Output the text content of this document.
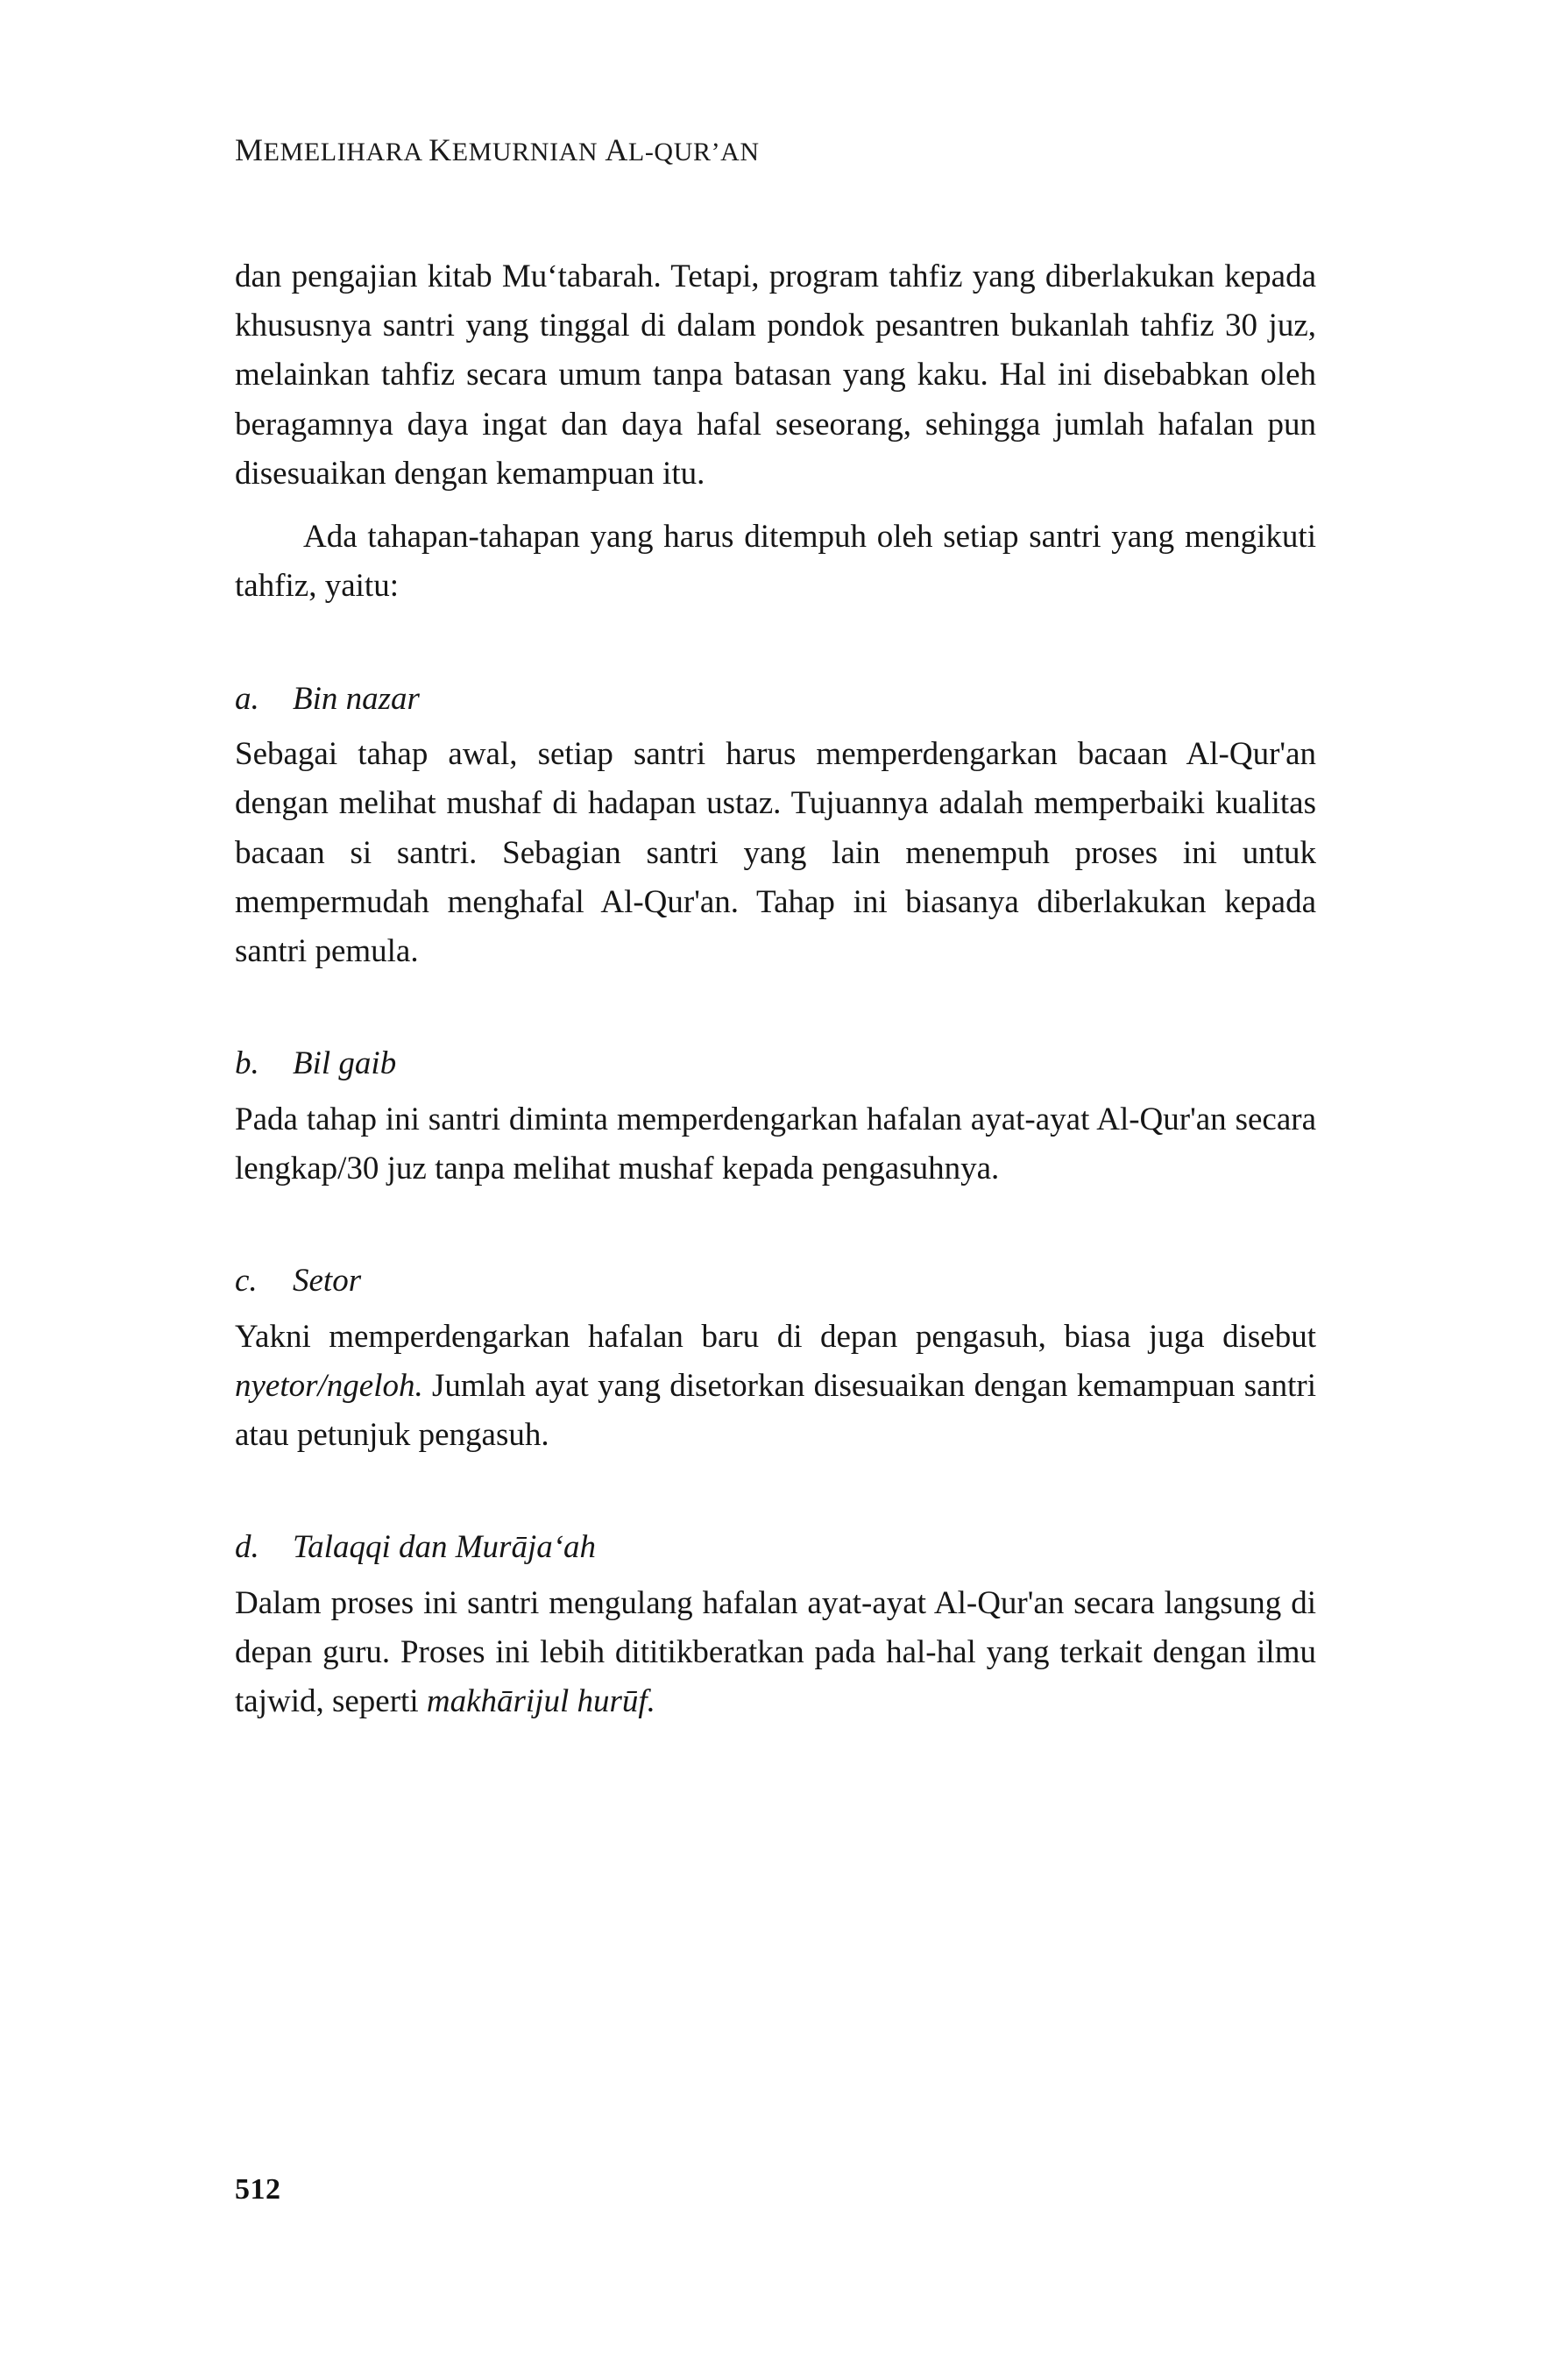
MEMELIHARA KEMURNIAN AL-QUR’AN

dan pengajian kitab Mu‘tabarah. Tetapi, program tahfiz yang diberlakukan kepada khususnya santri yang tinggal di dalam pondok pesantren bukanlah tahfiz 30 juz, melainkan tahfiz secara umum tanpa batasan yang kaku. Hal ini disebabkan oleh beragamnya daya ingat dan daya hafal seseorang, sehingga jumlah hafalan pun disesuaikan dengan kemampuan itu.

Ada tahapan-tahapan yang harus ditempuh oleh setiap santri yang mengikuti tahfiz, yaitu:

a. Bin nazar

Sebagai tahap awal, setiap santri harus memperdengarkan bacaan Al-Qur'an dengan melihat mushaf di hadapan ustaz. Tujuannya adalah memperbaiki kualitas bacaan si santri. Sebagian santri yang lain menempuh proses ini untuk mempermudah menghafal Al-Qur'an. Tahap ini biasanya diberlakukan kepada santri pemula.

b. Bil gaib

Pada tahap ini santri diminta memperdengarkan hafalan ayat-ayat Al-Qur'an secara lengkap/30 juz tanpa melihat mushaf kepada pengasuhnya.

c. Setor

Yakni memperdengarkan hafalan baru di depan pengasuh, biasa juga disebut nyetor/ngeloh. Jumlah ayat yang disetorkan disesuaikan dengan kemampuan santri atau petunjuk pengasuh.

d. Talaqqi dan Murāja‘ah

Dalam proses ini santri mengulang hafalan ayat-ayat Al-Qur'an secara langsung di depan guru. Proses ini lebih dititikberatkan pada hal-hal yang terkait dengan ilmu tajwid, seperti makhārijul hurūf.

512
